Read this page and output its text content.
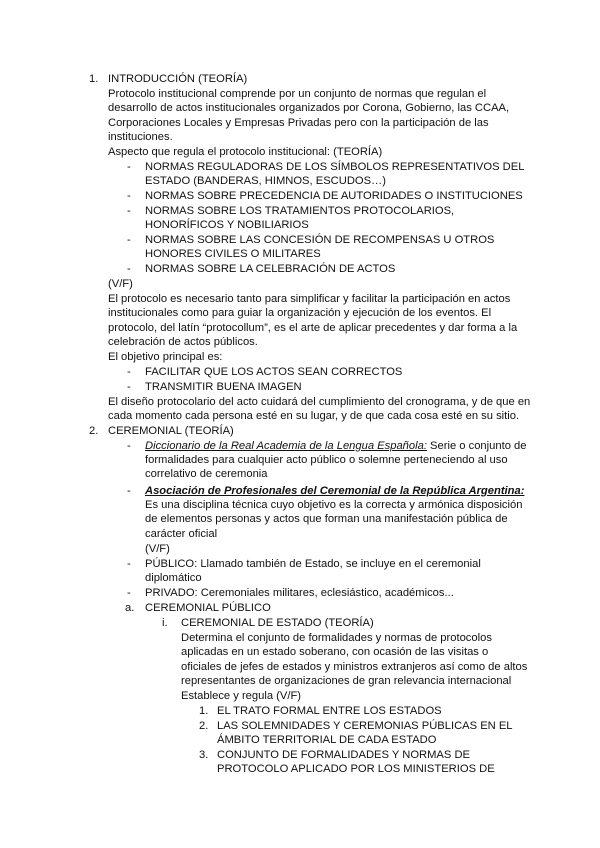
1. INTRODUCCIÓN (TEORÍA)
Protocolo institucional comprende por un conjunto de normas que regulan el
desarrollo de actos institucionales organizados por Corona, Gobierno, las CCAA,
Corporaciones Locales y Empresas Privadas pero con la participación de las
instituciones.
Aspecto que regula el protocolo institucional: (TEORÍA)
- NORMAS REGULADORAS DE LOS SÍMBOLOS REPRESENTATIVOS DEL
ESTADO (BANDERAS, HIMNOS, ESCUDOS…)
- NORMAS SOBRE PRECEDENCIA DE AUTORIDADES O INSTITUCIONES
- NORMAS SOBRE LOS TRATAMIENTOS PROTOCOLARIOS,
HONORÍFICOS Y NOBILIARIOS
- NORMAS SOBRE LAS CONCESIÓN DE RECOMPENSAS U OTROS
HONORES CIVILES O MILITARES
- NORMAS SOBRE LA CELEBRACIÓN DE ACTOS
(V/F)
El protocolo es necesario tanto para simplificar y facilitar la participación en actos
institucionales como para guiar la organización y ejecución de los eventos. El
protocolo, del latín “protocollum”, es el arte de aplicar precedentes y dar forma a la
celebración de actos públicos.
El objetivo principal es:
- FACILITAR QUE LOS ACTOS SEAN CORRECTOS
- TRANSMITIR BUENA IMAGEN
El diseño protocolario del acto cuidará del cumplimiento del cronograma, y de que en
cada momento cada persona esté en su lugar, y de que cada cosa esté en su sitio.
2. CEREMONIAL (TEORÍA)
- Diccionario de la Real Academia de la Lengua Española: Serie o conjunto de
formalidades para cualquier acto público o solemne perteneciendo al uso
correlativo de ceremonia
- Asociación de Profesionales del Ceremonial de la República Argentina:
Es una disciplina técnica cuyo objetivo es la correcta y armónica disposición
de elementos personas y actos que forman una manifestación pública de
carácter oficial
(V/F)
- PÚBLICO: Llamado también de Estado, se incluye en el ceremonial
diplomático
- PRIVADO: Ceremoniales militares, eclesiástico, académicos...
a. CEREMONIAL PÚBLICO
i. CEREMONIAL DE ESTADO (TEORÍA)
Determina el conjunto de formalidades y normas de protocolos
aplicadas en un estado soberano, con ocasión de las visitas o
oficiales de jefes de estados y ministros extranjeros así como de altos
representantes de organizaciones de gran relevancia internacional
Establece y regula (V/F)
1. EL TRATO FORMAL ENTRE LOS ESTADOS
2. LAS SOLEMNIDADES Y CEREMONIAS PÚBLICAS EN EL
ÁMBITO TERRITORIAL DE CADA ESTADO
3. CONJUNTO DE FORMALIDADES Y NORMAS DE
PROTOCOLO APLICADO POR LOS MINISTERIOS DE
